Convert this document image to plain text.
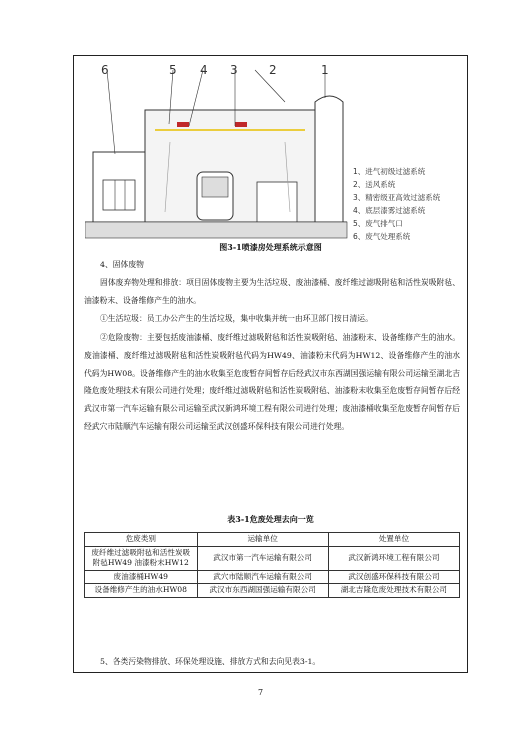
6	5 4 3	2	1
1、进气初级过滤系统
2、送风系统
3、精密级亚高效过滤系统
4、底层漆雾过滤系统
5、废气排气口
6、废气处理系统
图3-1喷漆房处理系统示意图

4、固体废物

固体废弃物处理和排放：项目固体废物主要为生活垃圾、废油漆桶、废纤维过滤吸附毡和活性炭吸附毡、油漆粉末、设备维修产生的油水。

①生活垃圾：员工办公产生的生活垃圾，集中收集并统一由环卫部门按日清运。

②危险废物：主要包括废油漆桶、废纤维过滤吸附毡和活性炭吸附毡、油漆粉末、设备维修产生的油水。废油漆桶、废纤维过滤吸附毡和活性炭吸附毡代码为HW49、油漆粉末代码为HW12、设备维修产生的油水代码为HW08。设备维修产生的油水收集至危废暂存间暂存后经武汉市东西湖国强运输有限公司运输至湖北吉隆危废处理技术有限公司进行处理；废纤维过滤吸附毡和活性炭吸附毡、油漆粉末收集至危废暂存间暂存后经武汉市第一汽车运输有限公司运输至武汉新鸿环境工程有限公司进行处理；废油漆桶收集至危废暂存间暂存后经武穴市陆顺汽车运输有限公司运输至武汉创盛环保科技有限公司进行处理。

表3-1危废处理去向一览
危废类别	运输单位	处置单位
废纤维过滤吸附毡和活性炭吸附毡HW49 油漆粉末HW12	武汉市第一汽车运输有限公司	武汉新鸿环境工程有限公司
废油漆桶HW49	武穴市陆顺汽车运输有限公司	武汉创盛环保科技有限公司
设备维修产生的油水HW08	武汉市东西湖国强运输有限公司	湖北吉隆危废处理技术有限公司
5、各类污染物排放、环保处理设施、排放方式和去向见表3-1。
7
